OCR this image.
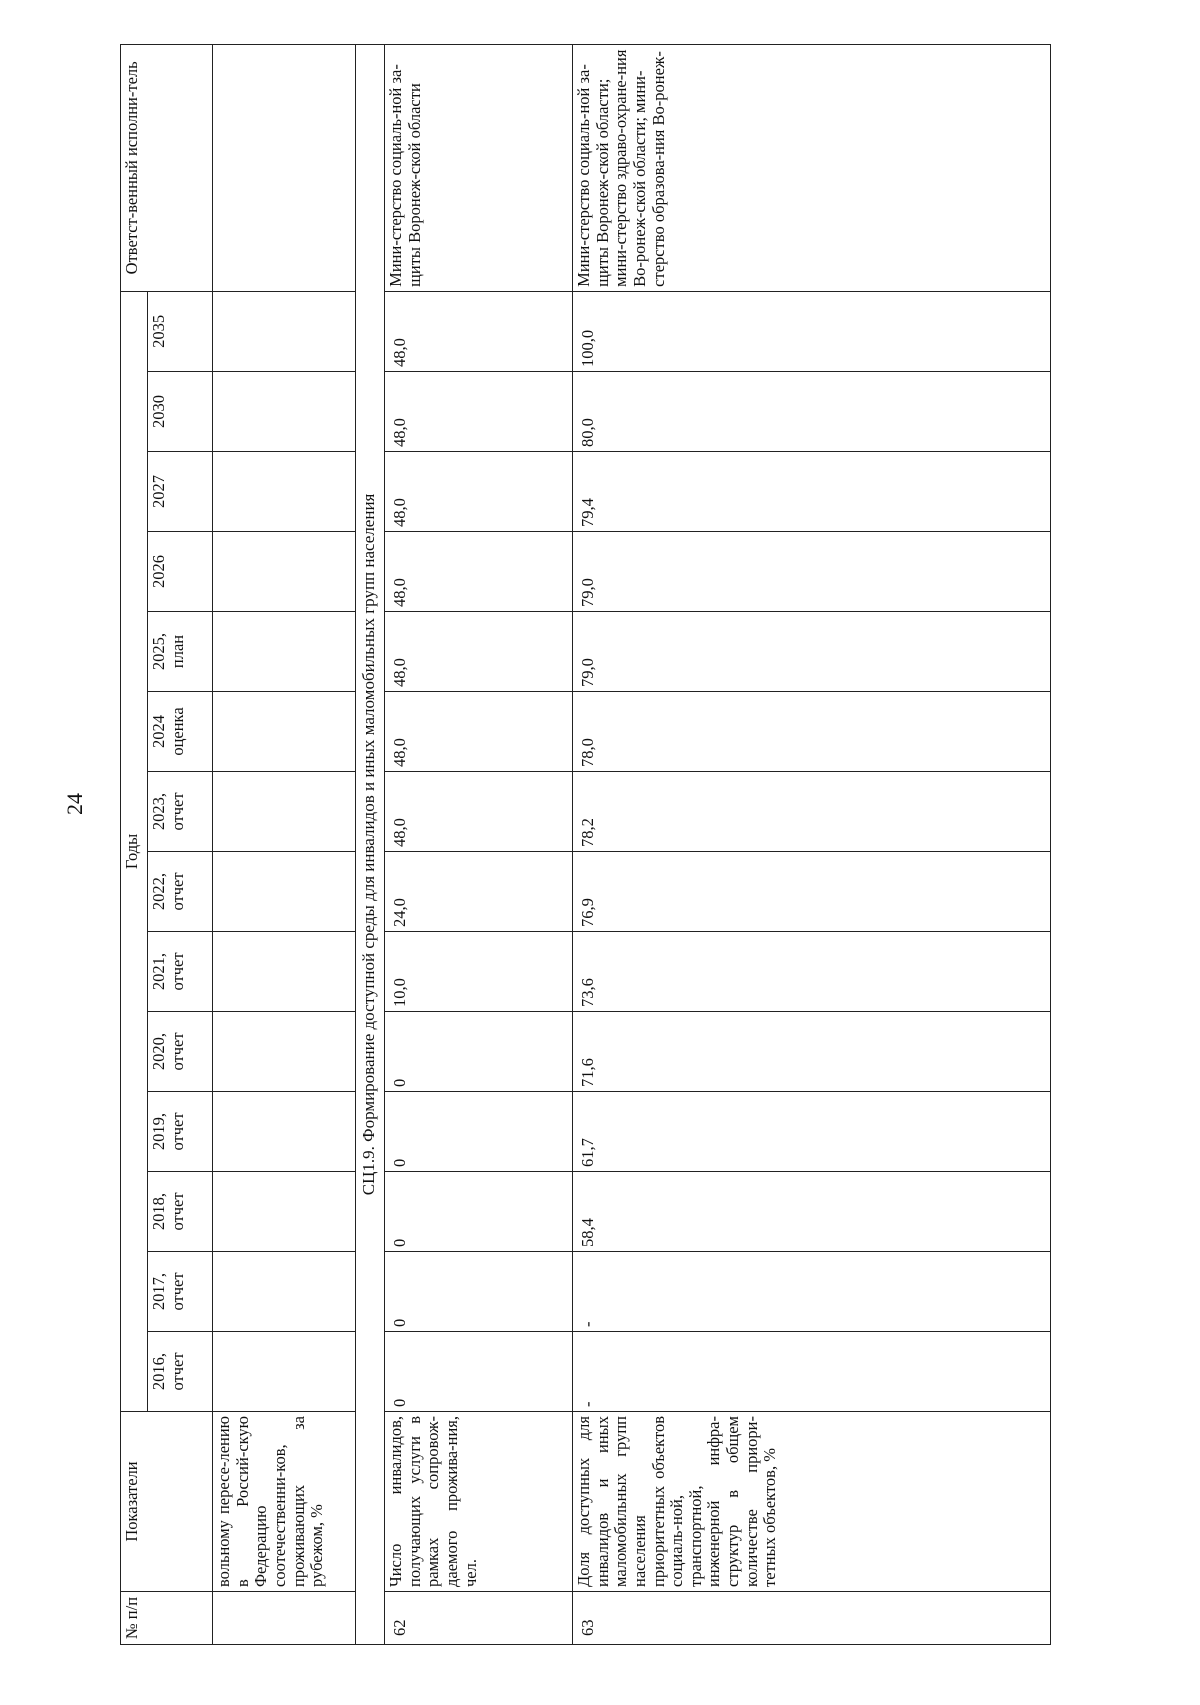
24
№ п/п	Показатели	Годы														Ответст-венный исполни-тель
		2016, отчет	2017, отчет	2018, отчет	2019, отчет	2020, отчет	2021, отчет	2022, отчет	2023, отчет	2024 оценка	2025, план	2026	2027	2030	2035	
	вольному пересе-лению в Россий-скую Федерацию соотечественни-ков, проживающих за рубежом, %															
СЦ1.9. Формирование доступной среды для инвалидов и иных маломобильных групп населения																
62	Число инвалидов, получающих услуги в рамках сопровож-даемого прожива-ния, чел.	0	0	0	0	0	10,0	24,0	48,0	48,0	48,0	48,0	48,0	48,0	48,0	Мини-стерство социаль-ной за-щиты Воронеж-ской области
63	Доля доступных для инвалидов и иных маломобильных групп населения приоритетных объектов социаль-ной, транспортной, инженерной инфра-структур в общем количестве приори-тетных объектов, %	-	-	58,4	61,7	71,6	73,6	76,9	78,2	78,0	79,0	79,0	79,4	80,0	100,0	Мини-стерство социаль-ной за-щиты Воронеж-ской области; мини-стерство здраво-охране-ния Во-ронеж-ской области; мини-стерство образова-ния Во-ронеж-
